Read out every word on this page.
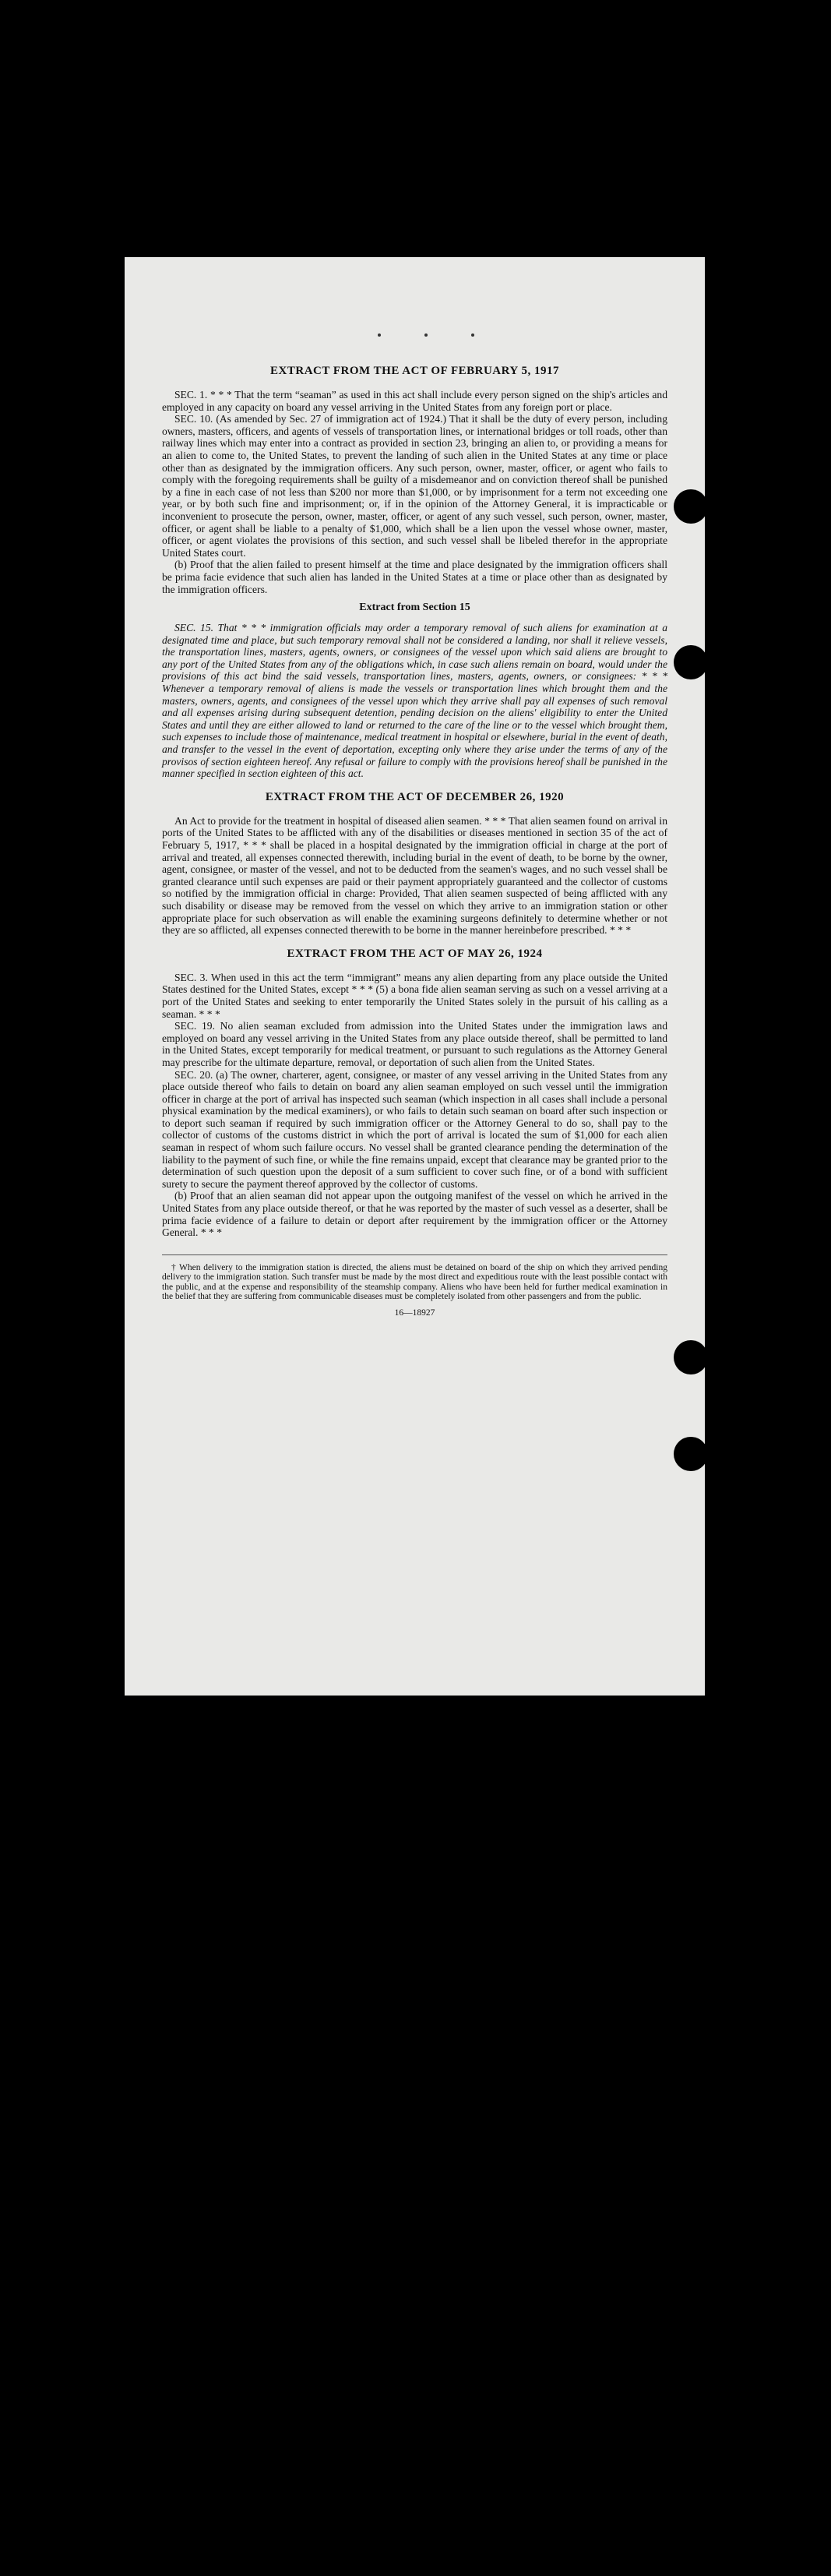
EXTRACT FROM THE ACT OF FEBRUARY 5, 1917

SEC. 1. * * * That the term “seaman” as used in this act shall include every person signed on the ship's articles and employed in any capacity on board any vessel arriving in the United States from any foreign port or place.

SEC. 10. (As amended by Sec. 27 of immigration act of 1924.) That it shall be the duty of every person, including owners, masters, officers, and agents of vessels of transportation lines, or international bridges or toll roads, other than railway lines which may enter into a contract as provided in section 23, bringing an alien to, or providing a means for an alien to come to, the United States, to prevent the landing of such alien in the United States at any time or place other than as designated by the immigration officers. Any such person, owner, master, officer, or agent who fails to comply with the foregoing requirements shall be guilty of a misdemeanor and on conviction thereof shall be punished by a fine in each case of not less than $200 nor more than $1,000, or by imprisonment for a term not exceeding one year, or by both such fine and imprisonment; or, if in the opinion of the Attorney General, it is impracticable or inconvenient to prosecute the person, owner, master, officer, or agent of any such vessel, such person, owner, master, officer, or agent shall be liable to a penalty of $1,000, which shall be a lien upon the vessel whose owner, master, officer, or agent violates the provisions of this section, and such vessel shall be libeled therefor in the appropriate United States court.

(b) Proof that the alien failed to present himself at the time and place designated by the immigration officers shall be prima facie evidence that such alien has landed in the United States at a time or place other than as designated by the immigration officers.

Extract from Section 15

SEC. 15. That * * * immigration officials may order a temporary removal of such aliens for examination at a designated time and place, but such temporary removal shall not be considered a landing, nor shall it relieve vessels, the transportation lines, masters, agents, owners, or consignees of the vessel upon which said aliens are brought to any port of the United States from any of the obligations which, in case such aliens remain on board, would under the provisions of this act bind the said vessels, transportation lines, masters, agents, owners, or consignees: * * * Whenever a temporary removal of aliens is made the vessels or transportation lines which brought them and the masters, owners, agents, and consignees of the vessel upon which they arrive shall pay all expenses of such removal and all expenses arising during subsequent detention, pending decision on the aliens' eligibility to enter the United States and until they are either allowed to land or returned to the care of the line or to the vessel which brought them, such expenses to include those of maintenance, medical treatment in hospital or elsewhere, burial in the event of death, and transfer to the vessel in the event of deportation, excepting only where they arise under the terms of any of the provisos of section eighteen hereof. Any refusal or failure to comply with the provisions hereof shall be punished in the manner specified in section eighteen of this act.

EXTRACT FROM THE ACT OF DECEMBER 26, 1920

An Act to provide for the treatment in hospital of diseased alien seamen. * * * That alien seamen found on arrival in ports of the United States to be afflicted with any of the disabilities or diseases mentioned in section 35 of the act of February 5, 1917, * * * shall be placed in a hospital designated by the immigration official in charge at the port of arrival and treated, all expenses connected therewith, including burial in the event of death, to be borne by the owner, agent, consignee, or master of the vessel, and not to be deducted from the seamen's wages, and no such vessel shall be granted clearance until such expenses are paid or their payment appropriately guaranteed and the collector of customs so notified by the immigration official in charge: Provided, That alien seamen suspected of being afflicted with any such disability or disease may be removed from the vessel on which they arrive to an immigration station or other appropriate place for such observation as will enable the examining surgeons definitely to determine whether or not they are so afflicted, all expenses connected therewith to be borne in the manner hereinbefore prescribed. * * *

EXTRACT FROM THE ACT OF MAY 26, 1924

SEC. 3. When used in this act the term “immigrant” means any alien departing from any place outside the United States destined for the United States, except * * * (5) a bona fide alien seaman serving as such on a vessel arriving at a port of the United States and seeking to enter temporarily the United States solely in the pursuit of his calling as a seaman. * * *

SEC. 19. No alien seaman excluded from admission into the United States under the immigration laws and employed on board any vessel arriving in the United States from any place outside thereof, shall be permitted to land in the United States, except temporarily for medical treatment, or pursuant to such regulations as the Attorney General may prescribe for the ultimate departure, removal, or deportation of such alien from the United States.

SEC. 20. (a) The owner, charterer, agent, consignee, or master of any vessel arriving in the United States from any place outside thereof who fails to detain on board any alien seaman employed on such vessel until the immigration officer in charge at the port of arrival has inspected such seaman (which inspection in all cases shall include a personal physical examination by the medical examiners), or who fails to detain such seaman on board after such inspection or to deport such seaman if required by such immigration officer or the Attorney General to do so, shall pay to the collector of customs of the customs district in which the port of arrival is located the sum of $1,000 for each alien seaman in respect of whom such failure occurs. No vessel shall be granted clearance pending the determination of the liability to the payment of such fine, or while the fine remains unpaid, except that clearance may be granted prior to the determination of such question upon the deposit of a sum sufficient to cover such fine, or of a bond with sufficient surety to secure the payment thereof approved by the collector of customs.

(b) Proof that an alien seaman did not appear upon the outgoing manifest of the vessel on which he arrived in the United States from any place outside thereof, or that he was reported by the master of such vessel as a deserter, shall be prima facie evidence of a failure to detain or deport after requirement by the immigration officer or the Attorney General. * * *

† When delivery to the immigration station is directed, the aliens must be detained on board of the ship on which they arrived pending delivery to the immigration station. Such transfer must be made by the most direct and expeditious route with the least possible contact with the public, and at the expense and responsibility of the steamship company. Aliens who have been held for further medical examination in the belief that they are suffering from communicable diseases must be completely isolated from other passengers and from the public.

16—18927
